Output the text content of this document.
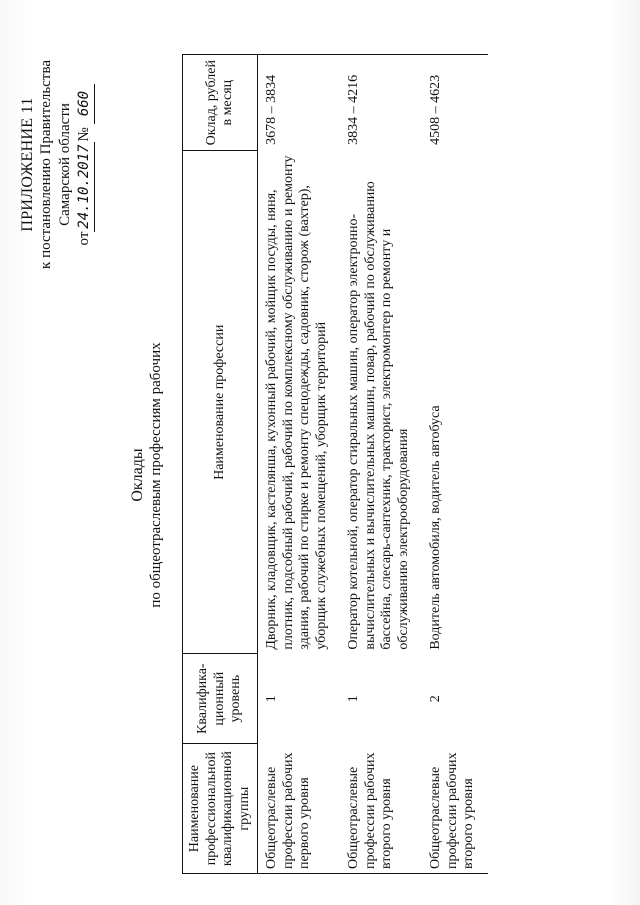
ПРИЛОЖЕНИЕ 11 к постановлению Правительства Самарской области
от24.10.2017№ 660
Оклады по общеотраслевым профессиям рабочих
Наименование профессиональной квалификационной группы	Квалифика-ционный уровень	Наименование профессии	Оклад, рублей в месяц
Общеотраслевые профессии рабочих первого уровня	1	Дворник, кладовщик, кастелянша, кухонный рабочий, мойщик посуды, няня, плотник, подсобный рабочий, рабочий по комплексному обслуживанию и ремонту здания, рабочий по стирке и ремонту спецодежды, садовник, сторож (вахтер), уборщик служебных помещений, уборщик территорий	3678 – 3834
Общеотраслевые профессии рабочих второго уровня	1	Оператор котельной, оператор стиральных машин, оператор электронно-вычислительных и вычислительных машин, повар, рабочий по обслуживанию бассейна, слесарь-сантехник, тракторист, электромонтер по ремонту и обслуживанию электрооборудования	3834 – 4216
Общеотраслевые профессии рабочих второго уровня	2	Водитель автомобиля, водитель автобуса	4508 – 4623
